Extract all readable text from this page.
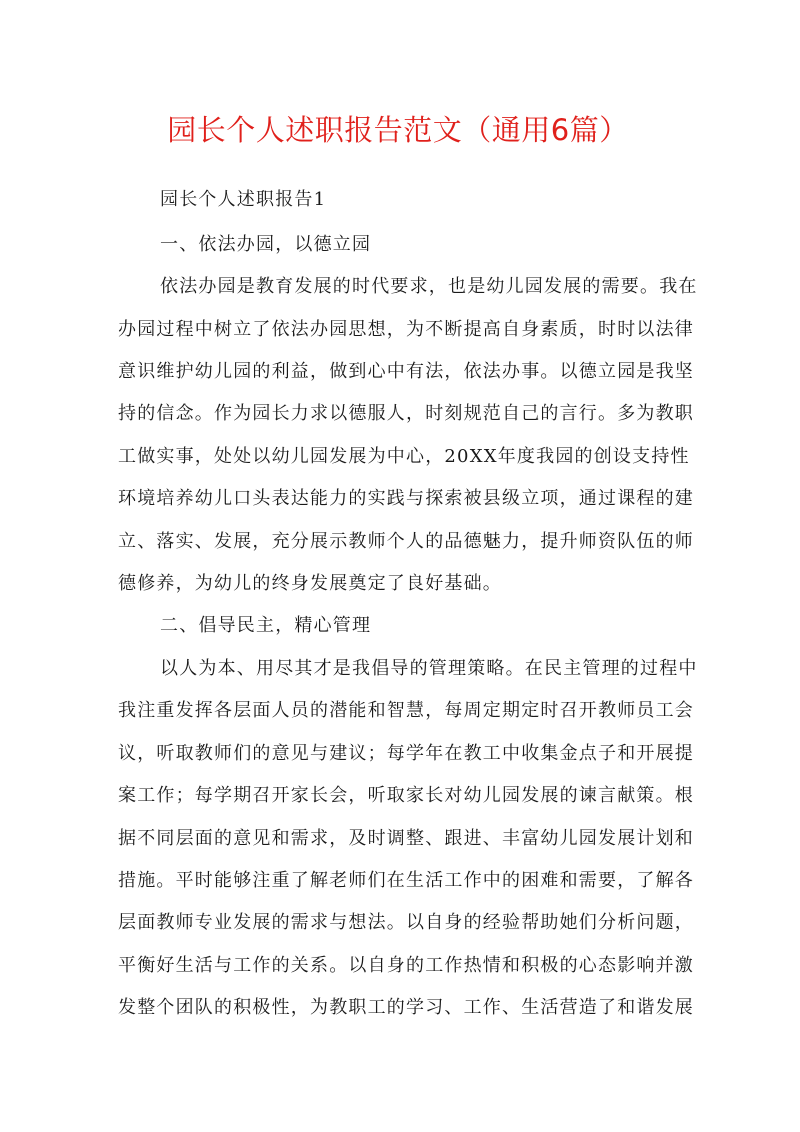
园长个人述职报告范文（通用6篇）
园长个人述职报告1
一、依法办园，以德立园
依法办园是教育发展的时代要求，也是幼儿园发展的需要。我在
办园过程中树立了依法办园思想，为不断提高自身素质，时时以法律
意识维护幼儿园的利益，做到心中有法，依法办事。以德立园是我坚
持的信念。作为园长力求以德服人，时刻规范自己的言行。多为教职
工做实事，处处以幼儿园发展为中心，20XX年度我园的创设支持性
环境培养幼儿口头表达能力的实践与探索被县级立项，通过课程的建
立、落实、发展，充分展示教师个人的品德魅力，提升师资队伍的师
德修养，为幼儿的终身发展奠定了良好基础。
二、倡导民主，精心管理
以人为本、用尽其才是我倡导的管理策略。在民主管理的过程中
我注重发挥各层面人员的潜能和智慧，每周定期定时召开教师员工会
议，听取教师们的意见与建议；每学年在教工中收集金点子和开展提
案工作；每学期召开家长会，听取家长对幼儿园发展的谏言献策。根
据不同层面的意见和需求，及时调整、跟进、丰富幼儿园发展计划和
措施。平时能够注重了解老师们在生活工作中的困难和需要，了解各
层面教师专业发展的需求与想法。以自身的经验帮助她们分析问题，
平衡好生活与工作的关系。以自身的工作热情和积极的心态影响并激
发整个团队的积极性，为教职工的学习、工作、生活营造了和谐发展
